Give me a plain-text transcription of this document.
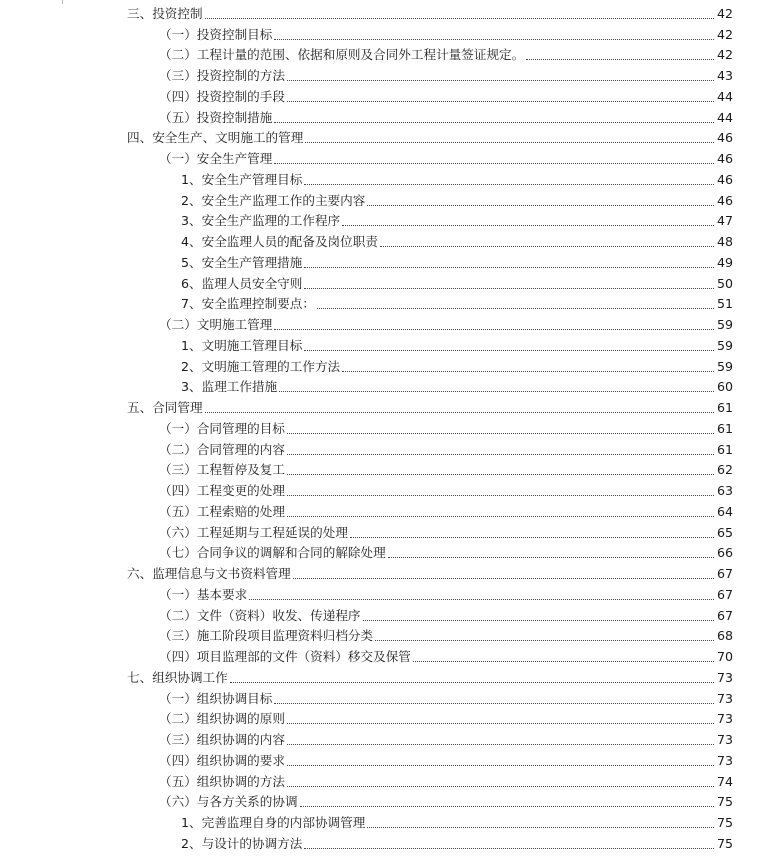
三、投资控制	42
（一）投资控制目标	42
（二）工程计量的范围、依据和原则及合同外工程计量签证规定。	42
（三）投资控制的方法	43
（四）投资控制的手段	44
（五）投资控制措施	44
四、安全生产、文明施工的管理	46
（一）安全生产管理	46
1、安全生产管理目标	46
2、安全生产监理工作的主要内容	46
3、安全生产监理的工作程序	47
4、安全监理人员的配备及岗位职责	48
5、安全生产管理措施	49
6、监理人员安全守则	50
7、安全监理控制要点：	51
（二）文明施工管理	59
1、文明施工管理目标	59
2、文明施工管理的工作方法	59
3、监理工作措施	60
五、合同管理	61
（一）合同管理的目标	61
（二）合同管理的内容	61
（三）工程暂停及复工	62
（四）工程变更的处理	63
（五）工程索赔的处理	64
（六）工程延期与工程延误的处理	65
（七）合同争议的调解和合同的解除处理	66
六、监理信息与文书资料管理	67
（一）基本要求	67
（二）文件（资料）收发、传递程序	67
（三）施工阶段项目监理资料归档分类	68
（四）项目监理部的文件（资料）移交及保管	70
七、组织协调工作	73
（一）组织协调目标	73
（二）组织协调的原则	73
（三）组织协调的内容	73
（四）组织协调的要求	73
（五）组织协调的方法	74
（六）与各方关系的协调	75
1、完善监理自身的内部协调管理	75
2、与设计的协调方法	75
